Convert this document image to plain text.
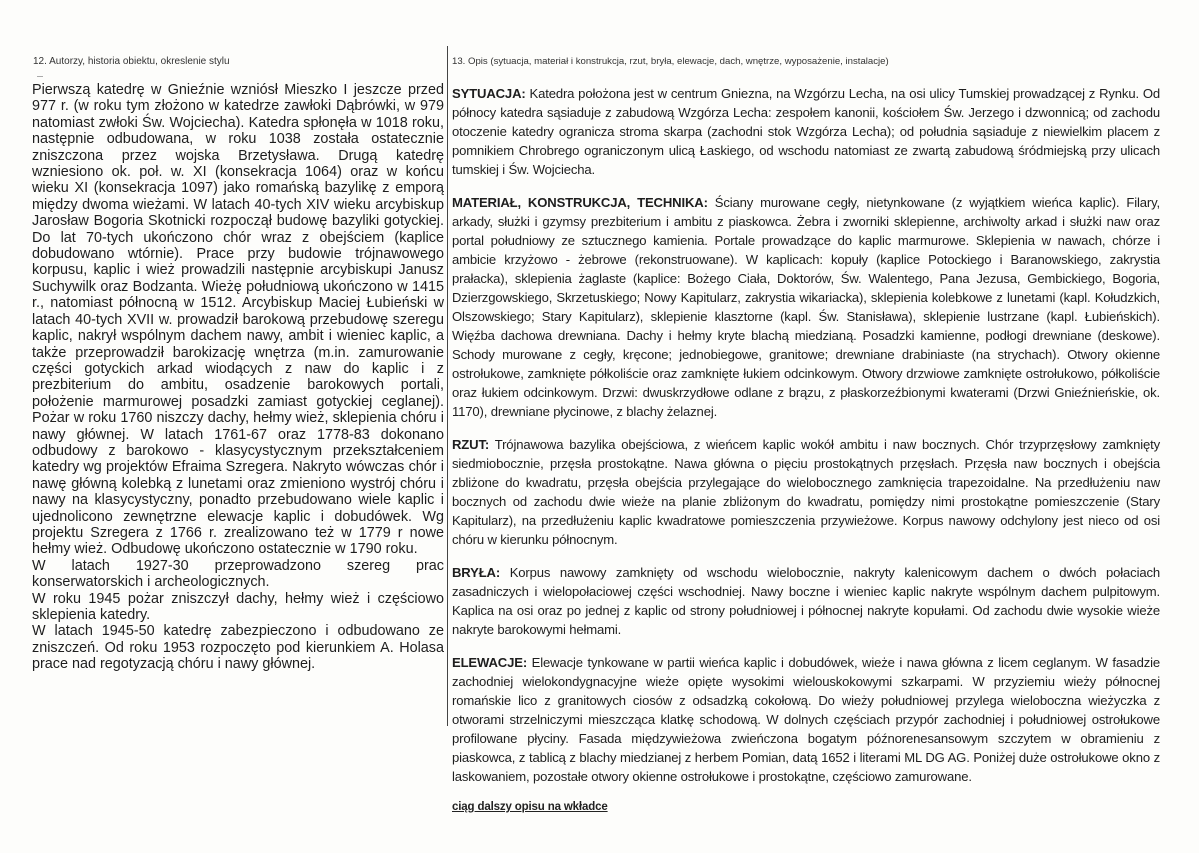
12. Autorzy, historia obiektu, okreslenie stylu	13. Opis (sytuacja, materiał i konstrukcja, rzut, bryła, elewacje, dach, wnętrze, wyposażenie, instalacje)

Pierwszą katedrę w Gnieźnie wzniósł Mieszko I jeszcze przed 977 r. (w roku tym złożono w katedrze zawłoki Dąbrówki, w 979 natomiast zwłoki Św. Wojciecha). Katedra spłonęła w 1018 roku, następnie odbudowana, w roku 1038 została ostatecznie zniszczona przez wojska Brzetysława. Drugą katedrę wzniesiono ok. poł. w. XI (konsekracja 1064) oraz w końcu wieku XI (konsekracja 1097) jako romańską bazylikę z emporą między dwoma wieżami. W latach 40-tych XIV wieku arcybiskup Jarosław Bogoria Skotnicki rozpoczął budowę bazyliki gotyckiej. Do lat 70-tych ukończono chór wraz z obejściem (kaplice dobudowano wtórnie). Prace przy budowie trójnawowego korpusu, kaplic i wież prowadzili następnie arcybiskupi Janusz Suchywilk oraz Bodzanta. Wieżę południową ukończono w 1415 r., natomiast północną w 1512. Arcybiskup Maciej Łubieński w latach 40-tych XVII w. prowadził barokową przebudowę szeregu kaplic, nakrył wspólnym dachem nawy, ambit i wieniec kaplic, a także przeprowadził barokizację wnętrza (m.in. zamurowanie części gotyckich arkad wiodących z naw do kaplic i z prezbiterium do ambitu, osadzenie barokowych portali, położenie marmurowej posadzki zamiast gotyckiej ceglanej). Pożar w roku 1760 niszczy dachy, hełmy wież, sklepienia chóru i nawy głównej. W latach 1761-67 oraz 1778-83 dokonano odbudowy z barokowo - klasycystycznym przekształceniem katedry wg projektów Efraima Szregera. Nakryto wówczas chór i nawę główną kolebką z lunetami oraz zmieniono wystrój chóru i nawy na klasycystyczny, ponadto przebudowano wiele kaplic i ujednolicono zewnętrzne elewacje kaplic i dobudówek. Wg projektu Szregera z 1766 r. zrealizowano też w 1779 r nowe hełmy wież. Odbudowę ukończono ostatecznie w 1790 roku.

W latach 1927-30 przeprowadzono szereg prac konserwatorskich i archeologicznych.

W roku 1945 pożar zniszczył dachy, hełmy wież i częściowo sklepienia katedry.

W latach 1945-50 katedrę zabezpieczono i odbudowano ze zniszczeń. Od roku 1953 rozpoczęto pod kierunkiem A. Holasa prace nad regotyzacją chóru i nawy głównej.

SYTUACJA: Katedra położona jest w centrum Gniezna, na Wzgórzu Lecha, na osi ulicy Tumskiej prowadzącej z Rynku. Od północy katedra sąsiaduje z zabudową Wzgórza Lecha: zespołem kanonii, kościołem Św. Jerzego i dzwonnicą; od zachodu otoczenie katedry ogranicza stroma skarpa (zachodni stok Wzgórza Lecha); od południa sąsiaduje z niewielkim placem z pomnikiem Chrobrego ograniczonym ulicą Łaskiego, od wschodu natomiast ze zwartą zabudową śródmiejską przy ulicach tumskiej i Św. Wojciecha.

MATERIAŁ, KONSTRUKCJA, TECHNIKA: Ściany murowane cegły, nietynkowane (z wyjątkiem wieńca kaplic). Filary, arkady, służki i gzymsy prezbiterium i ambitu z piaskowca. Żebra i zworniki sklepienne, archiwolty arkad i służki naw oraz portal południowy ze sztucznego kamienia. Portale prowadzące do kaplic marmurowe. Sklepienia w nawach, chórze i ambicie krzyżowo - żebrowe (rekonstruowane). W kaplicach: kopuły (kaplice Potockiego i Baranowskiego, zakrystia prałacka), sklepienia żaglaste (kaplice: Bożego Ciała, Doktorów, Św. Walentego, Pana Jezusa, Gembickiego, Bogoria, Dzierzgowskiego, Skrzetuskiego; Nowy Kapitularz, zakrystia wikariacka), sklepienia kolebkowe z lunetami (kapl. Kołudzkich, Olszowskiego; Stary Kapitularz), sklepienie klasztorne (kapl. Św. Stanisława), sklepienie lustrzane (kapl. Łubieńskich). Więźba dachowa drewniana. Dachy i hełmy kryte blachą miedzianą. Posadzki kamienne, podłogi drewniane (deskowe). Schody murowane z cegły, kręcone; jednobiegowe, granitowe; drewniane drabiniaste (na strychach). Otwory okienne ostrołukowe, zamknięte półkoliście oraz zamknięte łukiem odcinkowym. Otwory drzwiowe zamknięte ostrołukowo, półkoliście oraz łukiem odcinkowym. Drzwi: dwuskrzydłowe odlane z brązu, z płaskorzeźbionymi kwaterami (Drzwi Gnieźnieńskie, ok. 1170), drewniane płycinowe, z blachy żelaznej.

RZUT: Trójnawowa bazylika obejściowa, z wieńcem kaplic wokół ambitu i naw bocznych. Chór trzyprzęsłowy zamknięty siedmiobocznie, przęsła prostokątne. Nawa główna o pięciu prostokątnych przęsłach. Przęsła naw bocznych i obejścia zbliżone do kwadratu, przęsła obejścia przylegające do wielobocznego zamknięcia trapezoidalne. Na przedłużeniu naw bocznych od zachodu dwie wieże na planie zbliżonym do kwadratu, pomiędzy nimi prostokątne pomieszczenie (Stary Kapitularz), na przedłużeniu kaplic kwadratowe pomieszczenia przywieżowe. Korpus nawowy odchylony jest nieco od osi chóru w kierunku północnym.

BRYŁA: Korpus nawowy zamknięty od wschodu wielobocznie, nakryty kalenicowym dachem o dwóch połaciach zasadniczych i wielopołaciowej części wschodniej. Nawy boczne i wieniec kaplic nakryte wspólnym dachem pulpitowym. Kaplica na osi oraz po jednej z kaplic od strony południowej i północnej nakryte kopułami. Od zachodu dwie wysokie wieże nakryte barokowymi hełmami.

ELEWACJE: Elewacje tynkowane w partii wieńca kaplic i dobudówek, wieże i nawa główna z licem ceglanym. W fasadzie zachodniej wielokondygnacyjne wieże opięte wysokimi wielouskokowymi szkarpami. W przyziemiu wieży północnej romańskie lico z granitowych ciosów z odsadzką cokołową. Do wieży południowej przylega wieloboczna wieżyczka z otworami strzelniczymi mieszcząca klatkę schodową. W dolnych częściach przypór zachodniej i południowej ostrołukowe profilowane płyciny. Fasada międzywieżowa zwieńczona bogatym późnorenesansowym szczytem w obramieniu z piaskowca, z tablicą z blachy miedzianej z herbem Pomian, datą 1652 i literami ML DG AG. Poniżej duże ostrołukowe okno z laskowaniem, pozostałe otwory okienne ostrołukowe i prostokątne, częściowo zamurowane.

ciąg dalszy opisu na wkładce
